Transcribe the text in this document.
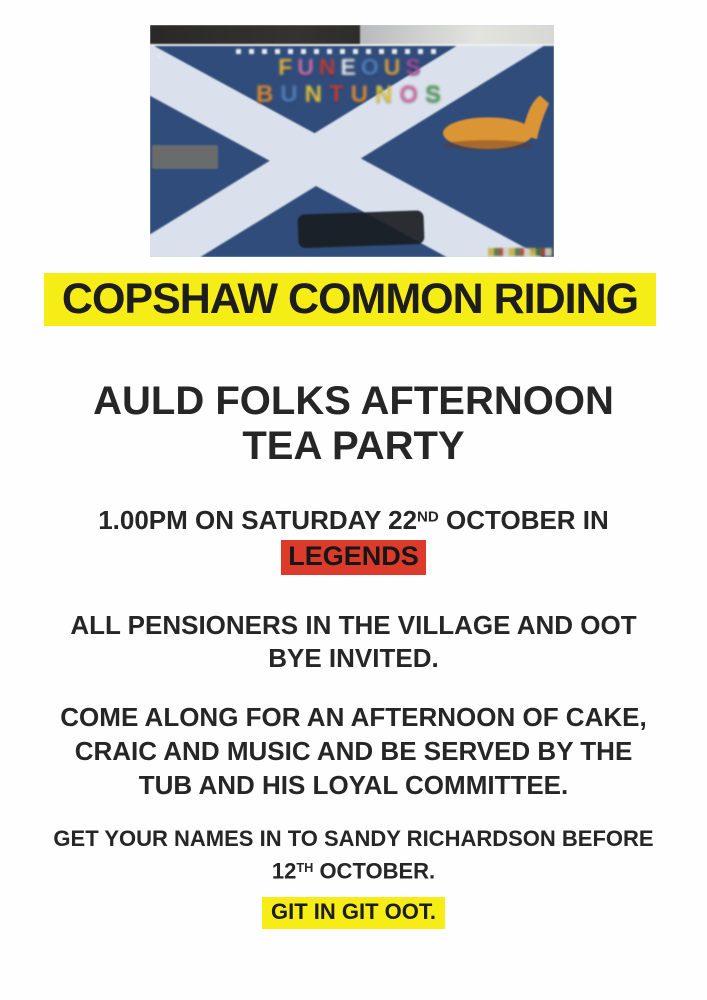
FUNEOUS
BUNTUNOS
COPSHAW COMMON RIDING
AULD FOLKS AFTERNOON
TEA PARTY
1.00PM ON SATURDAY 22ND OCTOBER IN
LEGENDS
ALL PENSIONERS IN THE VILLAGE AND OOT
BYE INVITED.
COME ALONG FOR AN AFTERNOON OF CAKE,
CRAIC AND MUSIC AND BE SERVED BY THE
TUB AND HIS LOYAL COMMITTEE.
GET YOUR NAMES IN TO SANDY RICHARDSON BEFORE
12TH OCTOBER.
GIT IN GIT OOT.
